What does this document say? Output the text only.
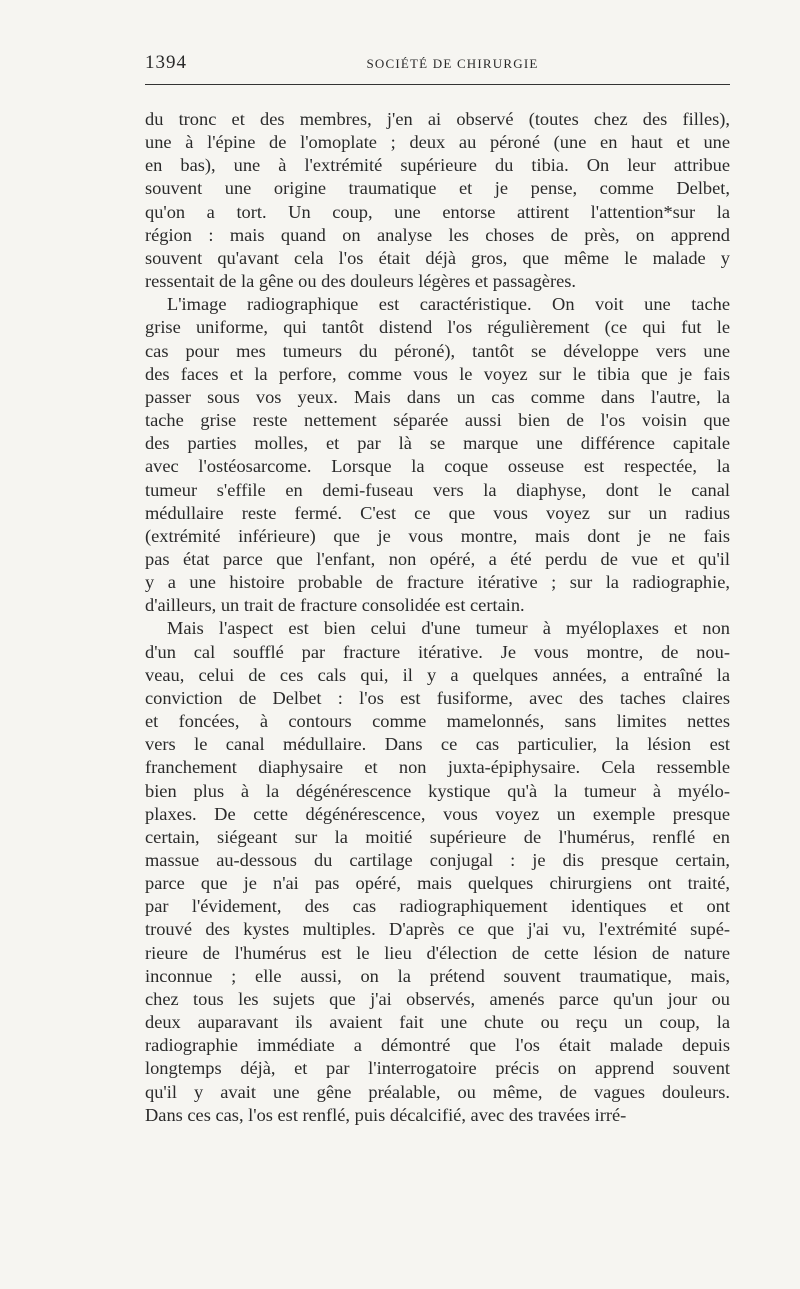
1394	SOCIÉTÉ DE CHIRURGIE

du tronc et des membres, j'en ai observé (toutes chez des filles),
une à l'épine de l'omoplate ; deux au péroné (une en haut et une
en bas), une à l'extrémité supérieure du tibia. On leur attribue
souvent une origine traumatique et je pense, comme Delbet,
qu'on a tort. Un coup, une entorse attirent l'attention*sur la
région : mais quand on analyse les choses de près, on apprend
souvent qu'avant cela l'os était déjà gros, que même le malade y
ressentait de la gêne ou des douleurs légères et passagères.

L'image radiographique est caractéristique. On voit une tache
grise uniforme, qui tantôt distend l'os régulièrement (ce qui fut le
cas pour mes tumeurs du péroné), tantôt se développe vers une
des faces et la perfore, comme vous le voyez sur le tibia que je fais
passer sous vos yeux. Mais dans un cas comme dans l'autre, la
tache grise reste nettement séparée aussi bien de l'os voisin que
des parties molles, et par là se marque une différence capitale
avec l'ostéosarcome. Lorsque la coque osseuse est respectée, la
tumeur s'effile en demi-fuseau vers la diaphyse, dont le canal
médullaire reste fermé. C'est ce que vous voyez sur un radius
(extrémité inférieure) que je vous montre, mais dont je ne fais
pas état parce que l'enfant, non opéré, a été perdu de vue et qu'il
y a une histoire probable de fracture itérative ; sur la radiographie,
d'ailleurs, un trait de fracture consolidée est certain.

Mais l'aspect est bien celui d'une tumeur à myéloplaxes et non
d'un cal soufflé par fracture itérative. Je vous montre, de nou-
veau, celui de ces cals qui, il y a quelques années, a entraîné la
conviction de Delbet : l'os est fusiforme, avec des taches claires
et foncées, à contours comme mamelonnés, sans limites nettes
vers le canal médullaire. Dans ce cas particulier, la lésion est
franchement diaphysaire et non juxta-épiphysaire. Cela ressemble
bien plus à la dégénérescence kystique qu'à la tumeur à myélo-
plaxes. De cette dégénérescence, vous voyez un exemple presque
certain, siégeant sur la moitié supérieure de l'humérus, renflé en
massue au-dessous du cartilage conjugal : je dis presque certain,
parce que je n'ai pas opéré, mais quelques chirurgiens ont traité,
par l'évidement, des cas radiographiquement identiques et ont
trouvé des kystes multiples. D'après ce que j'ai vu, l'extrémité supé-
rieure de l'humérus est le lieu d'élection de cette lésion de nature
inconnue ; elle aussi, on la prétend souvent traumatique, mais,
chez tous les sujets que j'ai observés, amenés parce qu'un jour ou
deux auparavant ils avaient fait une chute ou reçu un coup, la
radiographie immédiate a démontré que l'os était malade depuis
longtemps déjà, et par l'interrogatoire précis on apprend souvent
qu'il y avait une gêne préalable, ou même, de vagues douleurs.
Dans ces cas, l'os est renflé, puis décalcifié, avec des travées irré-
